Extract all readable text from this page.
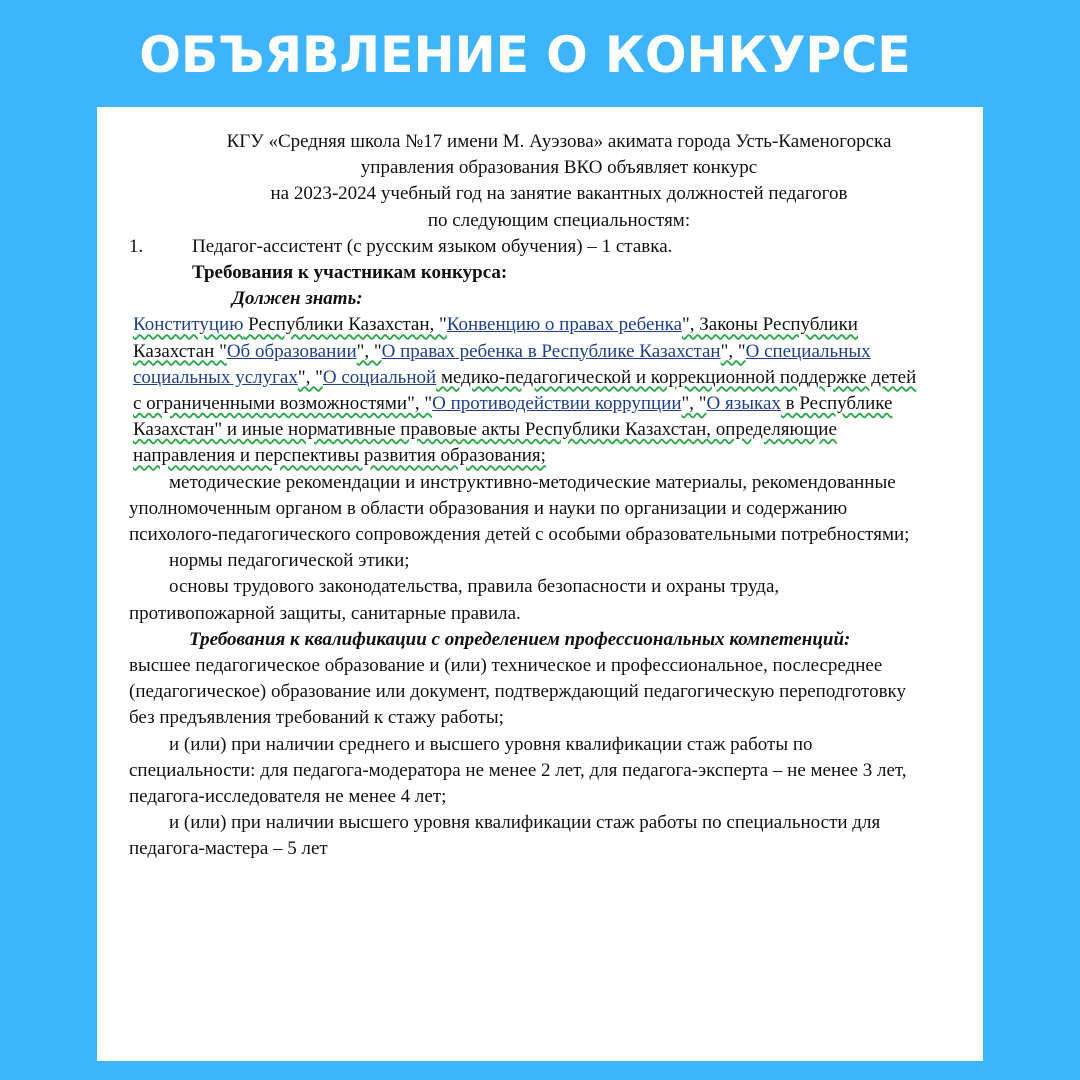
ОБЪЯВЛЕНИЕ О КОНКУРСЕ

КГУ «Средняя школа №17 имени М. Ауэзова» акимата города Усть-Каменогорска управления образования ВКО объявляет конкурс

на 2023-2024 учебный год на занятие вакантных должностей педагогов

по следующим специальностям:

1.	Педагог-ассистент (с русским языком обучения) – 1 ставка.

Требования к участникам конкурса:

Должен знать:

Конституцию Республики Казахстан, "Конвенцию о правах ребенка", Законы Республики Казахстан "Об образовании", "О правах ребенка в Республике Казахстан", "О специальных социальных услугах", "О социальной медико-педагогической и коррекционной поддержке детей с ограниченными возможностями", "О противодействии коррупции", "О языках в Республике Казахстан" и иные нормативные правовые акты Республики Казахстан, определяющие направления и перспективы развития образования;

методические рекомендации и инструктивно-методические материалы, рекомендованные уполномоченным органом в области образования и науки по организации и содержанию психолого-педагогического сопровождения детей с особыми образовательными потребностями;

нормы педагогической этики;

основы трудового законодательства, правила безопасности и охраны труда, противопожарной защиты, санитарные правила.

Требования к квалификации с определением профессиональных компетенций:

высшее педагогическое образование и (или) техническое и профессиональное, послесреднее (педагогическое) образование или документ, подтверждающий педагогическую переподготовку без предъявления требований к стажу работы;

и (или) при наличии среднего и высшего уровня квалификации стаж работы по специальности: для педагога-модератора не менее 2 лет, для педагога-эксперта – не менее 3 лет, педагога-исследователя не менее 4 лет;

и (или) при наличии высшего уровня квалификации стаж работы по специальности для педагога-мастера – 5 лет
